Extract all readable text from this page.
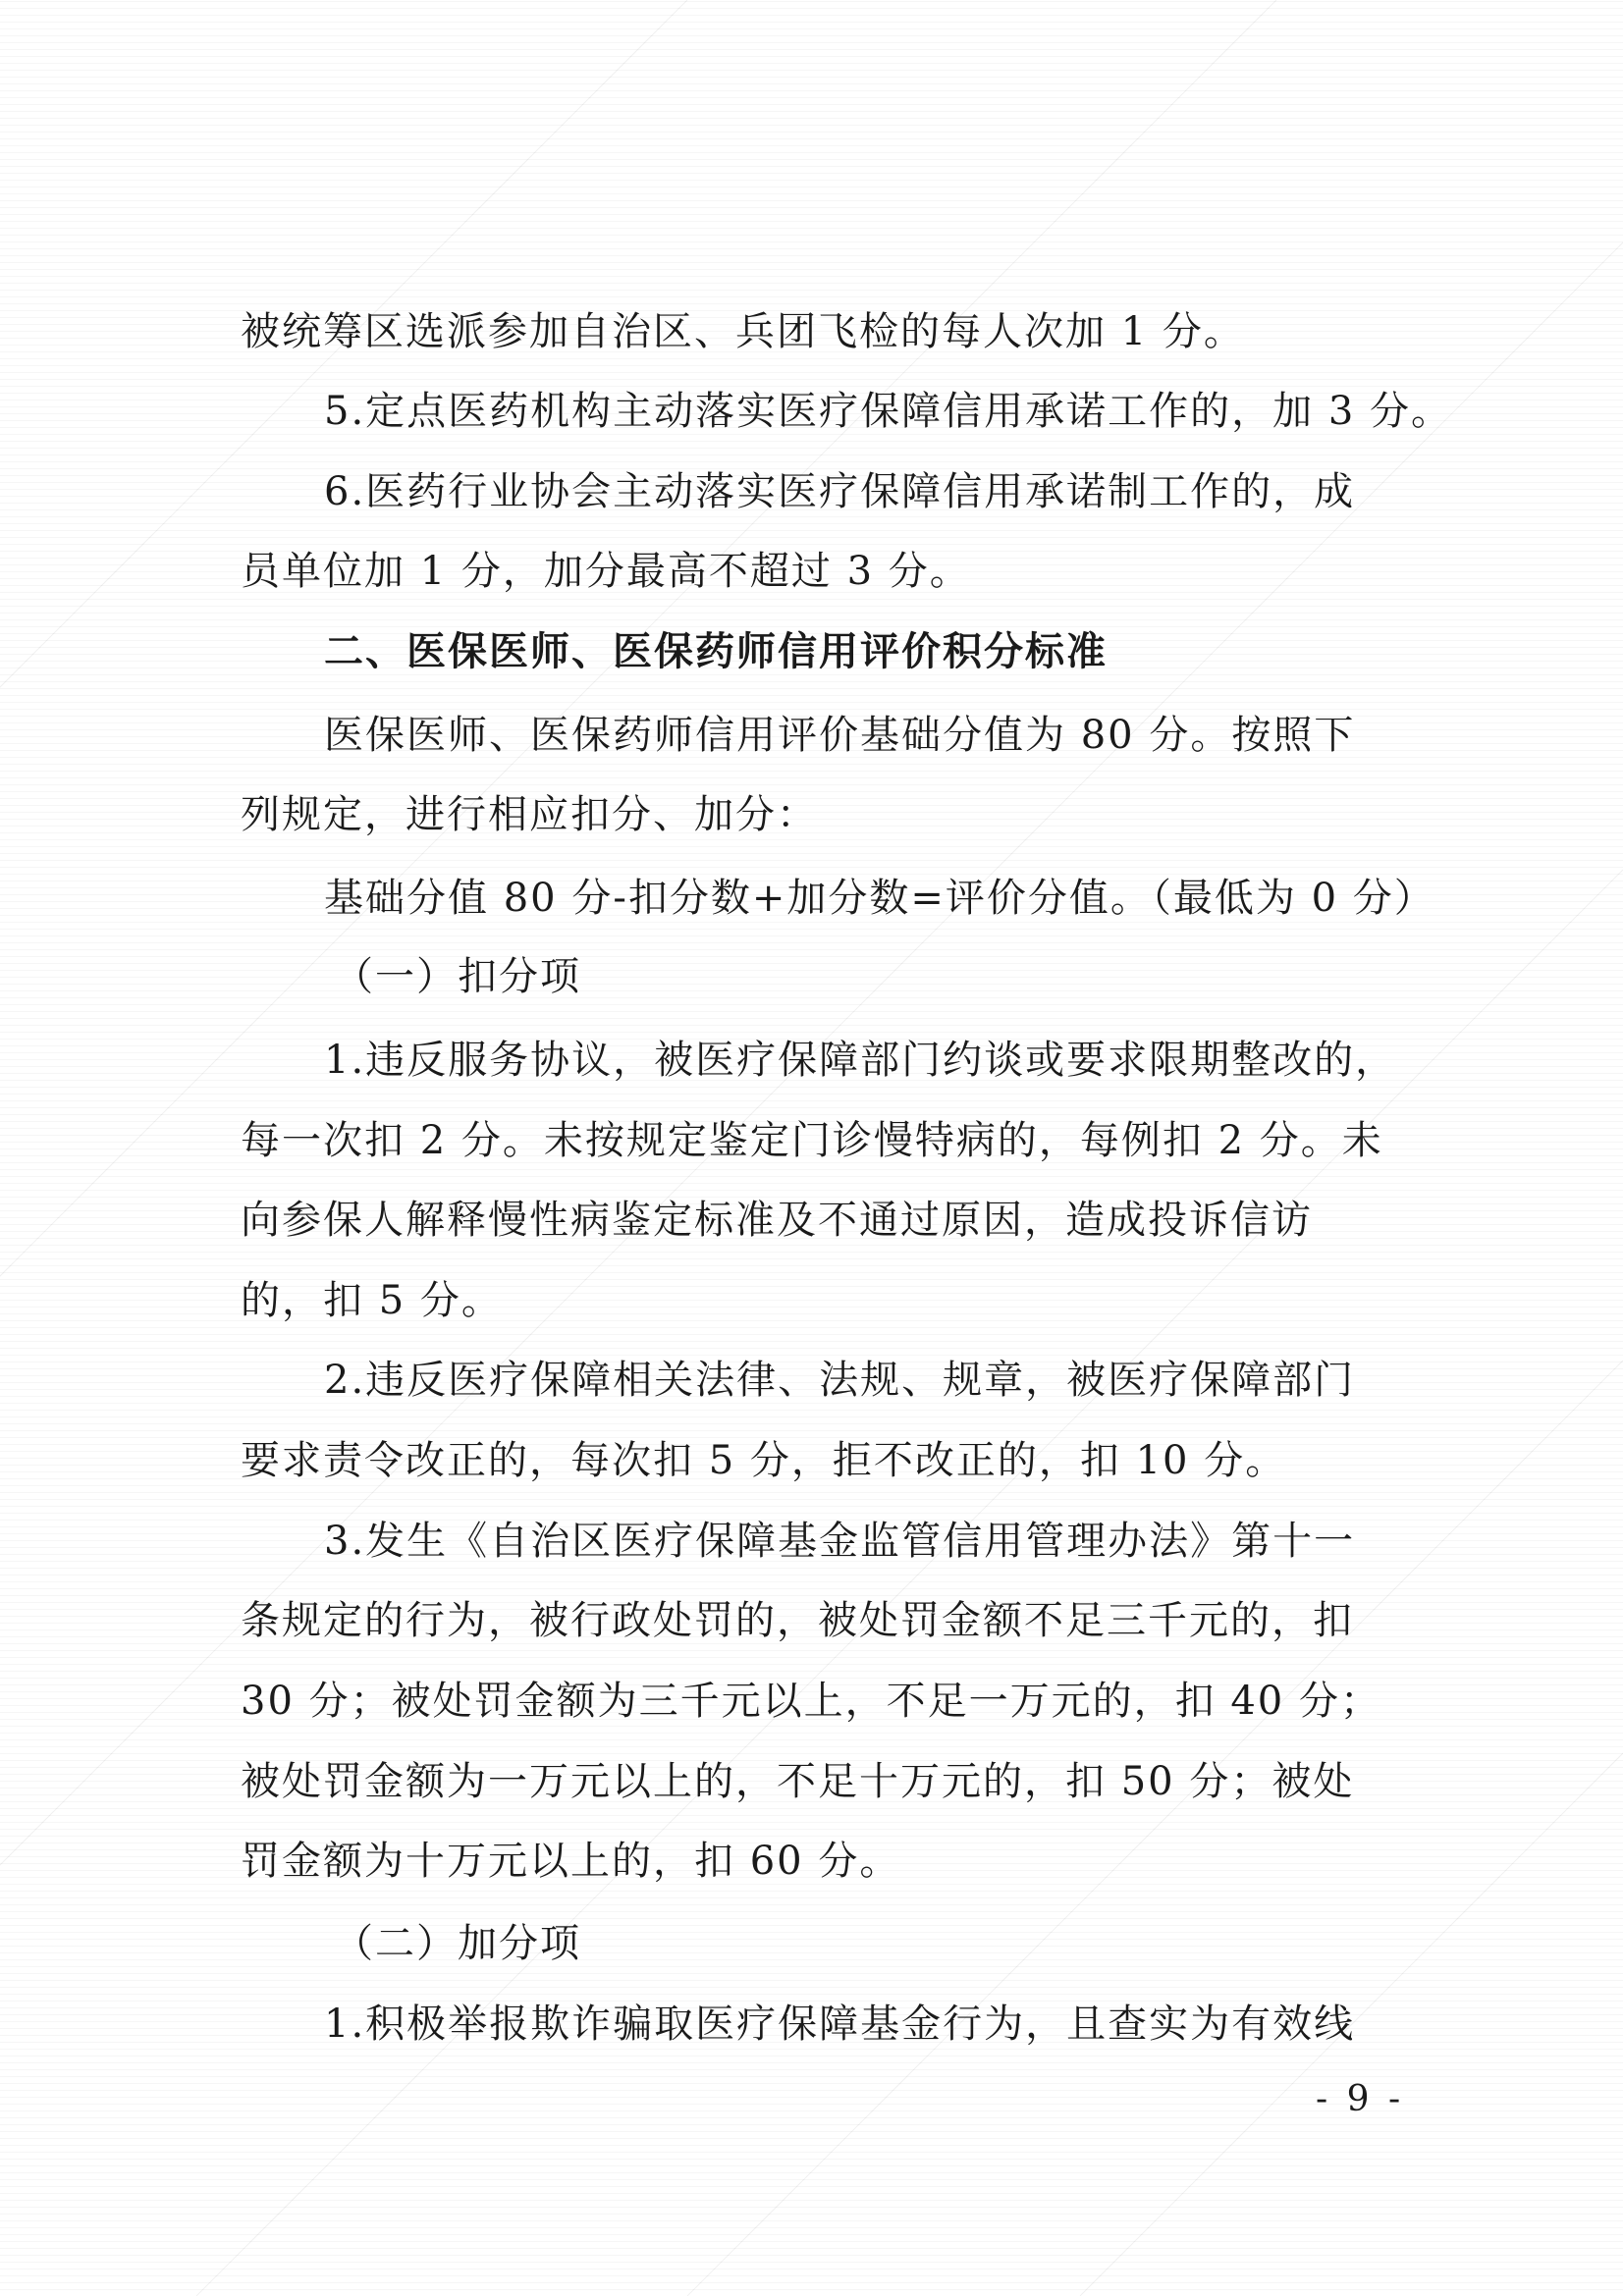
被统筹区选派参加自治区、兵团飞检的每人次加 1 分。
5.定点医药机构主动落实医疗保障信用承诺工作的，加 3 分。
6.医药行业协会主动落实医疗保障信用承诺制工作的，成
员单位加 1 分，加分最高不超过 3 分。
二、医保医师、医保药师信用评价积分标准
医保医师、医保药师信用评价基础分值为 80 分。按照下
列规定，进行相应扣分、加分：
基础分值 80 分-扣分数+加分数=评价分值。（最低为 0 分）
（一）扣分项
1.违反服务协议，被医疗保障部门约谈或要求限期整改的，
每一次扣 2 分。未按规定鉴定门诊慢特病的，每例扣 2 分。未
向参保人解释慢性病鉴定标准及不通过原因，造成投诉信访
的，扣 5 分。
2.违反医疗保障相关法律、法规、规章，被医疗保障部门
要求责令改正的，每次扣 5 分，拒不改正的，扣 10 分。
3.发生《自治区医疗保障基金监管信用管理办法》第十一
条规定的行为，被行政处罚的，被处罚金额不足三千元的，扣
30 分；被处罚金额为三千元以上，不足一万元的，扣 40 分；
被处罚金额为一万元以上的，不足十万元的，扣 50 分；被处
罚金额为十万元以上的，扣 60 分。
（二）加分项
1.积极举报欺诈骗取医疗保障基金行为，且查实为有效线
- 9 -
